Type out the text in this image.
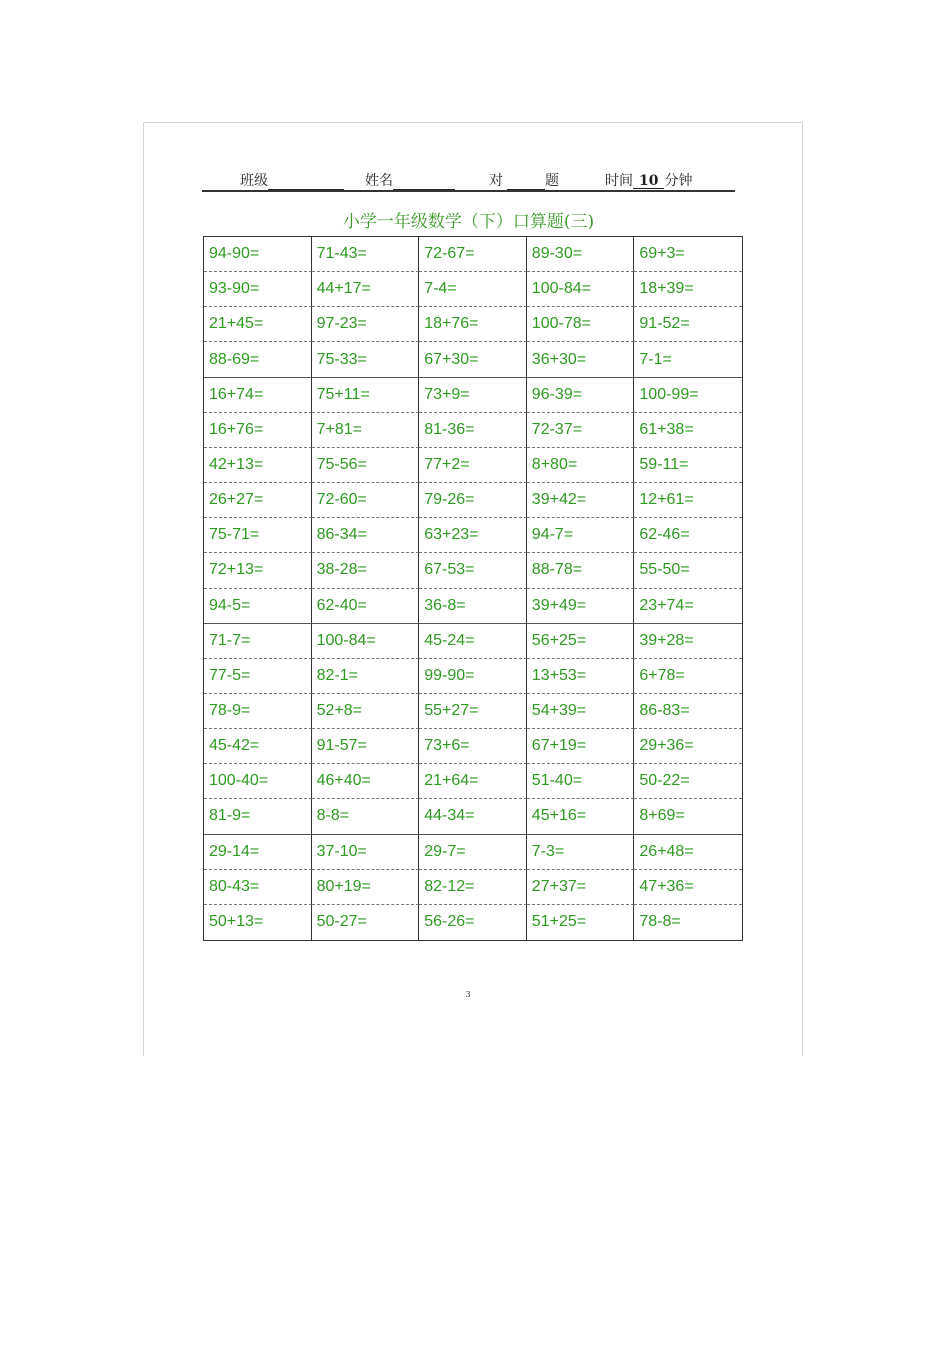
班级	姓名	对	题	时间 10 分钟
小学一年级数学（下）口算题(三)
94-90=	71-43=	72-67=	89-30=	69+3=
93-90=	44+17=	7-4=	100-84=	18+39=
21+45=	97-23=	18+76=	100-78=	91-52=
88-69=	75-33=	67+30=	36+30=	7-1=
16+74=	75+11=	73+9=	96-39=	100-99=
16+76=	7+81=	81-36=	72-37=	61+38=
42+13=	75-56=	77+2=	8+80=	59-11=
26+27=	72-60=	79-26=	39+42=	12+61=
75-71=	86-34=	63+23=	94-7=	62-46=
72+13=	38-28=	67-53=	88-78=	55-50=
94-5=	62-40=	36-8=	39+49=	23+74=
71-7=	100-84=	45-24=	56+25=	39+28=
77-5=	82-1=	99-90=	13+53=	6+78=
78-9=	52+8=	55+27=	54+39=	86-83=
45-42=	91-57=	73+6=	67+19=	29+36=
100-40=	46+40=	21+64=	51-40=	50-22=
81-9=	8-8=	44-34=	45+16=	8+69=
29-14=	37-10=	29-7=	7-3=	26+48=
80-43=	80+19=	82-12=	27+37=	47+36=
50+13=	50-27=	56-26=	51+25=	78-8=
3
